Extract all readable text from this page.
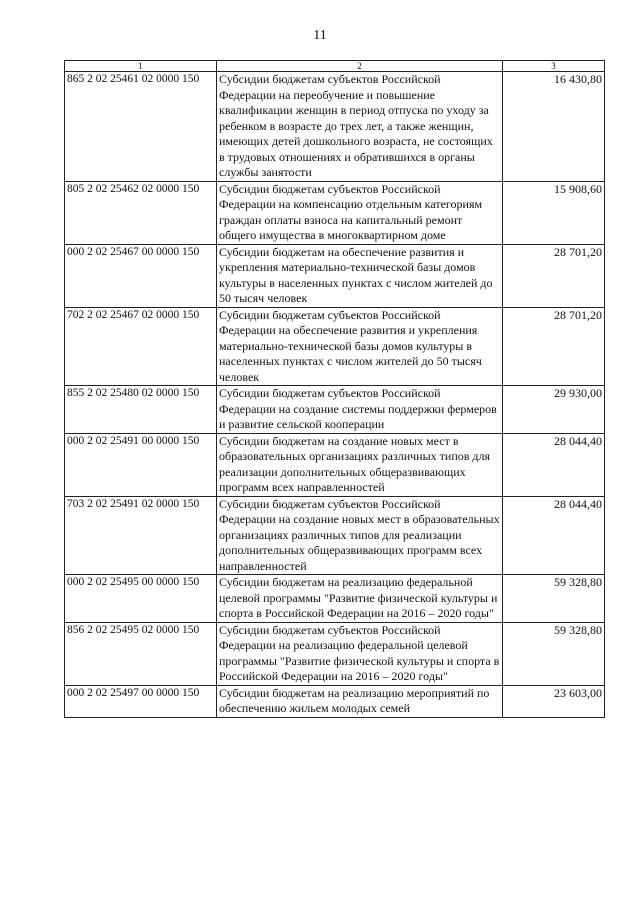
11
1	2	3
865 2 02 25461 02 0000 150	Субсидии бюджетам субъектов Российской Федерации на переобучение и повышение квалификации женщин в период отпуска по уходу за ребенком в возрасте до трех лет, а также женщин, имеющих детей дошкольного возраста, не состоящих в трудовых отношениях и обратившихся в органы службы занятости	16 430,80
805 2 02 25462 02 0000 150	Субсидии бюджетам субъектов Российской Федерации на компенсацию отдельным категориям граждан оплаты взноса на капитальный ремонт общего имущества в многоквартирном доме	15 908,60
000 2 02 25467 00 0000 150	Субсидии бюджетам на обеспечение развития и укрепления материально-технической базы домов культуры в населенных пунктах с числом жителей до 50 тысяч человек	28 701,20
702 2 02 25467 02 0000 150	Субсидии бюджетам субъектов Российской Федерации на обеспечение развития и укрепления материально-технической базы домов культуры в населенных пунктах с числом жителей до 50 тысяч человек	28 701,20
855 2 02 25480 02 0000 150	Субсидии бюджетам субъектов Российской Федерации на создание системы поддержки фермеров и развитие сельской кооперации	29 930,00
000 2 02 25491 00 0000 150	Субсидии бюджетам на создание новых мест в образовательных организациях различных типов для реализации дополнительных общеразвивающих программ всех направленностей	28 044,40
703 2 02 25491 02 0000 150	Субсидии бюджетам субъектов Российской Федерации на создание новых мест в образовательных организациях различных типов для реализации дополнительных общеразвивающих программ всех направленностей	28 044,40
000 2 02 25495 00 0000 150	Субсидии бюджетам на реализацию федеральной целевой программы "Развитие физической культуры и спорта в Российской Федерации на 2016 – 2020 годы"	59 328,80
856 2 02 25495 02 0000 150	Субсидии бюджетам субъектов Российской Федерации на реализацию федеральной целевой программы "Развитие физической культуры и спорта в Российской Федерации на 2016 – 2020 годы"	59 328,80
000 2 02 25497 00 0000 150	Субсидии бюджетам на реализацию мероприятий по обеспечению жильем молодых семей	23 603,00
